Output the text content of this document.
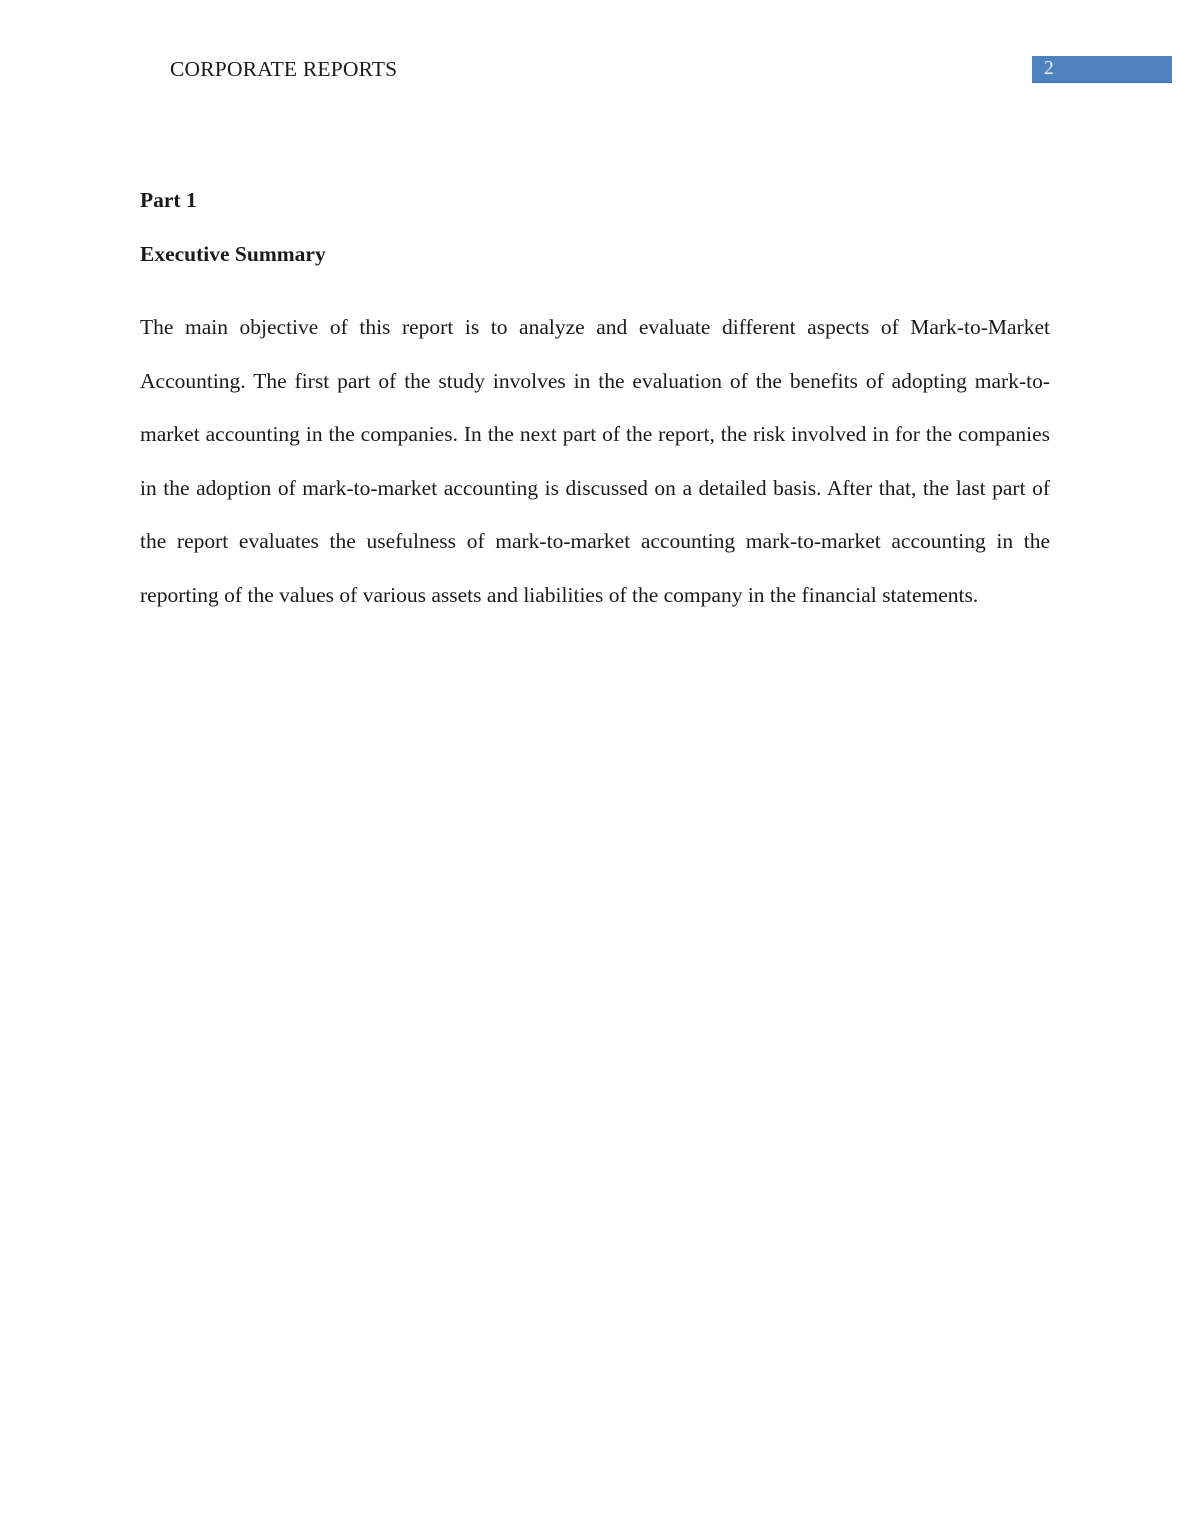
CORPORATE REPORTS	2
Part 1
Executive Summary

The main objective of this report is to analyze and evaluate different aspects of Mark-to-Market Accounting. The first part of the study involves in the evaluation of the benefits of adopting mark-to-market accounting in the companies. In the next part of the report, the risk involved in for the companies in the adoption of mark-to-market accounting is discussed on a detailed basis. After that, the last part of the report evaluates the usefulness of mark-to-market accounting mark-to-market accounting in the reporting of the values of various assets and liabilities of the company in the financial statements.
